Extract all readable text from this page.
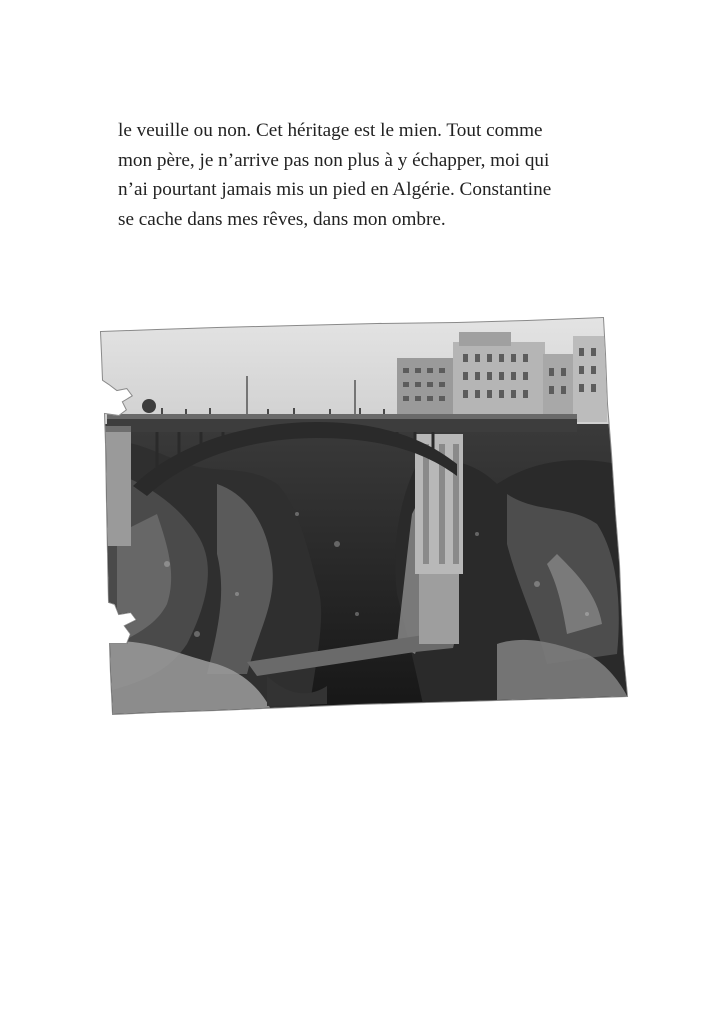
le veuille ou non. Cet héritage est le mien. Tout comme
mon père, je n’arrive pas non plus à y échapper, moi qui
n’ai pourtant jamais mis un pied en Algérie. Constantine
se cache dans mes rêves, dans mon ombre.
